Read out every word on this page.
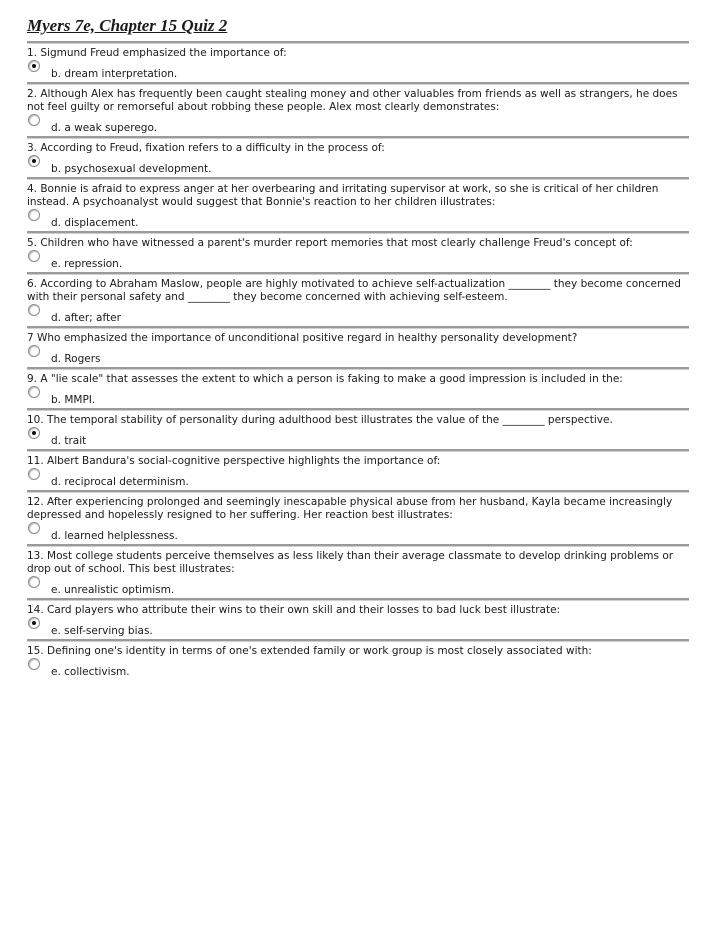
Myers 7e, Chapter 15 Quiz 2
1. Sigmund Freud emphasized the importance of:
b. dream interpretation.
2. Although Alex has frequently been caught stealing money and other valuables from friends as well as strangers, he does not feel guilty or remorseful about robbing these people. Alex most clearly demonstrates:
d. a weak superego.
3. According to Freud, fixation refers to a difficulty in the process of:
b. psychosexual development.
4. Bonnie is afraid to express anger at her overbearing and irritating supervisor at work, so she is critical of her children instead. A psychoanalyst would suggest that Bonnie's reaction to her children illustrates:
d. displacement.
5. Children who have witnessed a parent's murder report memories that most clearly challenge Freud's concept of:
e. repression.
6. According to Abraham Maslow, people are highly motivated to achieve self-actualization ________ they become concerned with their personal safety and ________ they become concerned with achieving self-esteem.
d. after; after
7 Who emphasized the importance of unconditional positive regard in healthy personality development?
d. Rogers
9. A "lie scale" that assesses the extent to which a person is faking to make a good impression is included in the:
b. MMPI.
10. The temporal stability of personality during adulthood best illustrates the value of the ________ perspective.
d. trait
11. Albert Bandura's social-cognitive perspective highlights the importance of:
d. reciprocal determinism.
12. After experiencing prolonged and seemingly inescapable physical abuse from her husband, Kayla became increasingly depressed and hopelessly resigned to her suffering. Her reaction best illustrates:
d. learned helplessness.
13. Most college students perceive themselves as less likely than their average classmate to develop drinking problems or drop out of school. This best illustrates:
e. unrealistic optimism.
14. Card players who attribute their wins to their own skill and their losses to bad luck best illustrate:
e. self-serving bias.
15. Defining one's identity in terms of one's extended family or work group is most closely associated with:
e. collectivism.
